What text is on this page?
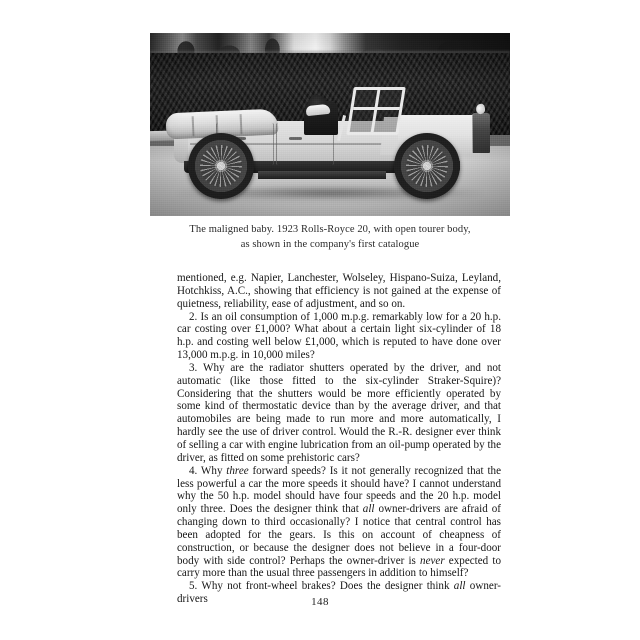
The maligned baby. 1923 Rolls-Royce 20, with open tourer body,
as shown in the company's first catalogue

mentioned, e.g. Napier, Lanchester, Wolseley, Hispano-Suiza, Leyland, Hotchkiss, A.C., showing that efficiency is not gained at the expense of quietness, reliability, ease of adjustment, and so on.

2. Is an oil consumption of 1,000 m.p.g. remarkably low for a 20 h.p. car costing over £1,000? What about a certain light six-cylinder of 18 h.p. and costing well below £1,000, which is reputed to have done over 13,000 m.p.g. in 10,000 miles?

3. Why are the radiator shutters operated by the driver, and not automatic (like those fitted to the six-cylinder Straker-Squire)? Considering that the shutters would be more efficiently operated by some kind of thermostatic device than by the average driver, and that automobiles are being made to run more and more automatically, I hardly see the use of driver control. Would the R.-R. designer ever think of selling a car with engine lubrication from an oil-pump operated by the driver, as fitted on some prehistoric cars?

4. Why three forward speeds? Is it not generally recognized that the less powerful a car the more speeds it should have? I cannot understand why the 50 h.p. model should have four speeds and the 20 h.p. model only three. Does the designer think that all owner-drivers are afraid of changing down to third occasionally? I notice that central control has been adopted for the gears. Is this on account of cheapness of construction, or because the designer does not believe in a four-door body with side control? Perhaps the owner-driver is never expected to carry more than the usual three passengers in addition to himself?

5. Why not front-wheel brakes? Does the designer think all owner-drivers	148
